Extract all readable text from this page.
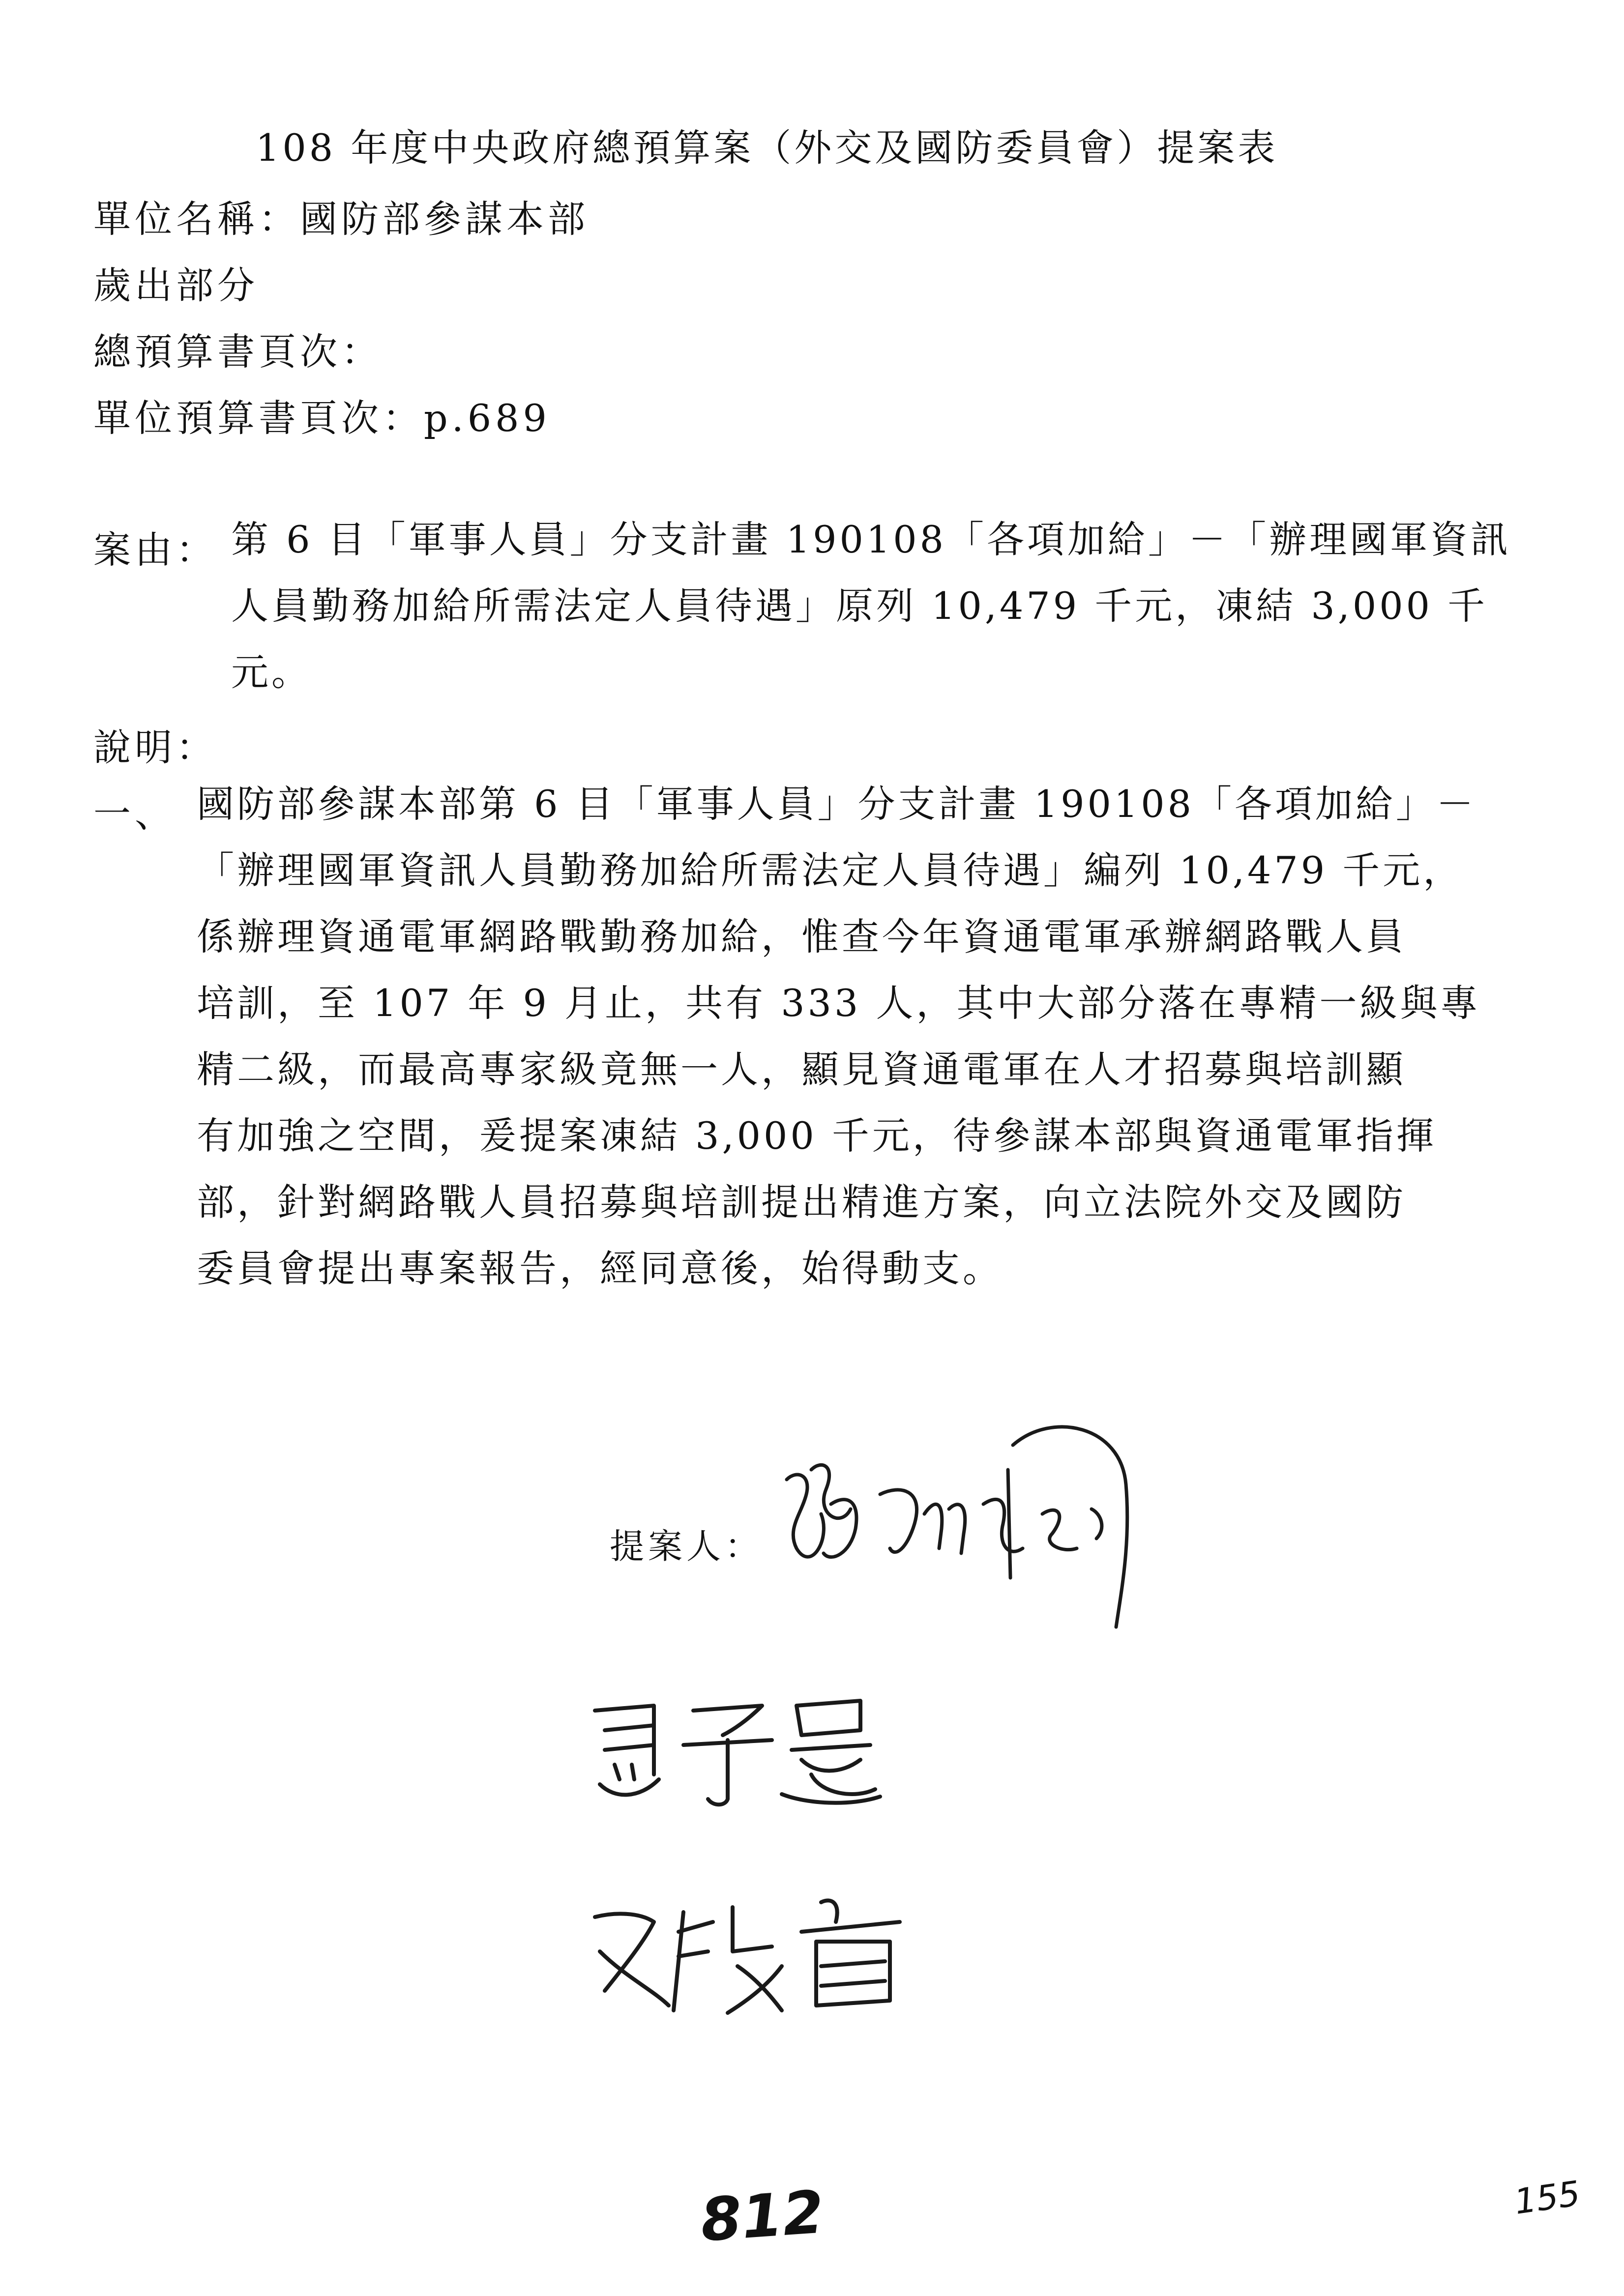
108 年度中央政府總預算案（外交及國防委員會）提案表
單位名稱：國防部參謀本部
歲出部分
總預算書頁次：
單位預算書頁次：p.689
案由： 第 6 目「軍事人員」分支計畫 190108「各項加給」－「辦理國軍資訊
人員勤務加給所需法定人員待遇」原列 10,479 千元，凍結 3,000 千
元。
說明：
一、 國防部參謀本部第 6 目「軍事人員」分支計畫 190108「各項加給」－
「辦理國軍資訊人員勤務加給所需法定人員待遇」編列 10,479 千元，
係辦理資通電軍網路戰勤務加給，惟查今年資通電軍承辦網路戰人員
培訓，至 107 年 9 月止，共有 333 人，其中大部分落在專精一級與專
精二級，而最高專家級竟無一人，顯見資通電軍在人才招募與培訓顯
有加強之空間，爰提案凍結 3,000 千元，待參謀本部與資通電軍指揮
部，針對網路戰人員招募與培訓提出精進方案，向立法院外交及國防
委員會提出專案報告，經同意後，始得動支。
提案人：
812	155
